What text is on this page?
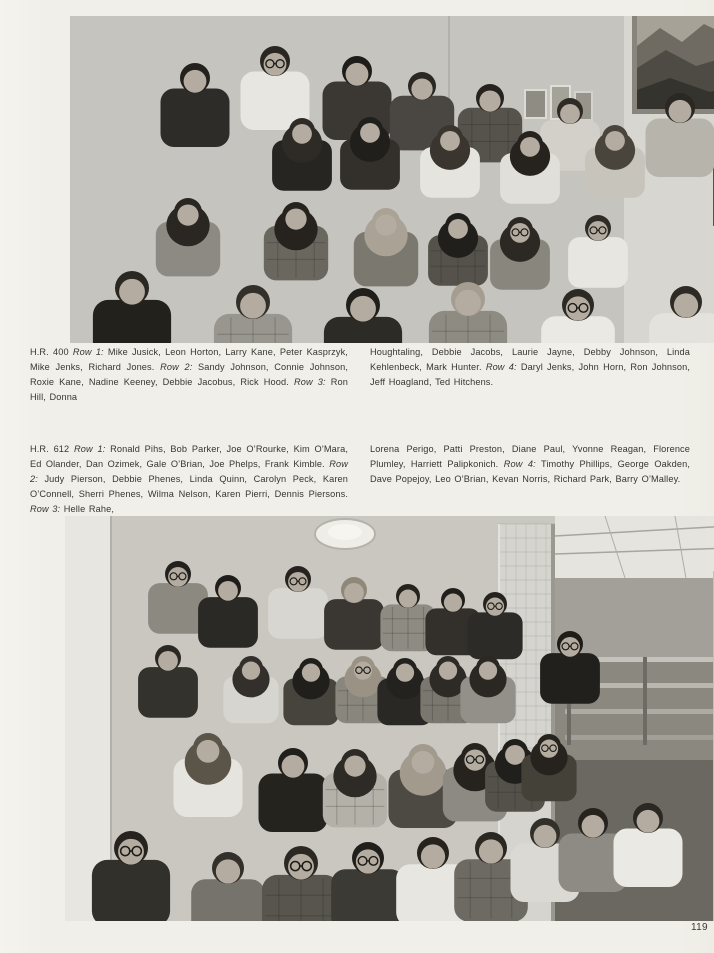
H.R. 400 Row 1: Mike Jusick, Leon Horton, Larry Kane, Peter Kasprzyk, Mike Jenks, Richard Jones. Row 2: Sandy Johnson, Connie Johnson, Roxie Kane, Nadine Keeney, Debbie Jacobus, Rick Hood. Row 3: Ron Hill, Donna

Houghtaling, Debbie Jacobs, Laurie Jayne, Debby Johnson, Linda Kehlenbeck, Mark Hunter. Row 4: Daryl Jenks, John Horn, Ron Johnson, Jeff Hoagland, Ted Hitchens.

H.R. 612 Row 1: Ronald Pihs, Bob Parker, Joe O’Rourke, Kim O’Mara, Ed Olander, Dan Ozimek, Gale O’Brian, Joe Phelps, Frank Kimble. Row 2: Judy Pierson, Debbie Phenes, Linda Quinn, Carolyn Peck, Karen O’Connell, Sherri Phenes, Wilma Nelson, Karen Pierri, Dennis Piersons. Row 3: Helle Rahe,

Lorena Perigo, Patti Preston, Diane Paul, Yvonne Reagan, Florence Plumley, Harriett Palipkonich. Row 4: Timothy Phillips, George Oakden, Dave Popejoy, Leo O’Brian, Kevan Norris, Richard Park, Barry O’Malley.

119
